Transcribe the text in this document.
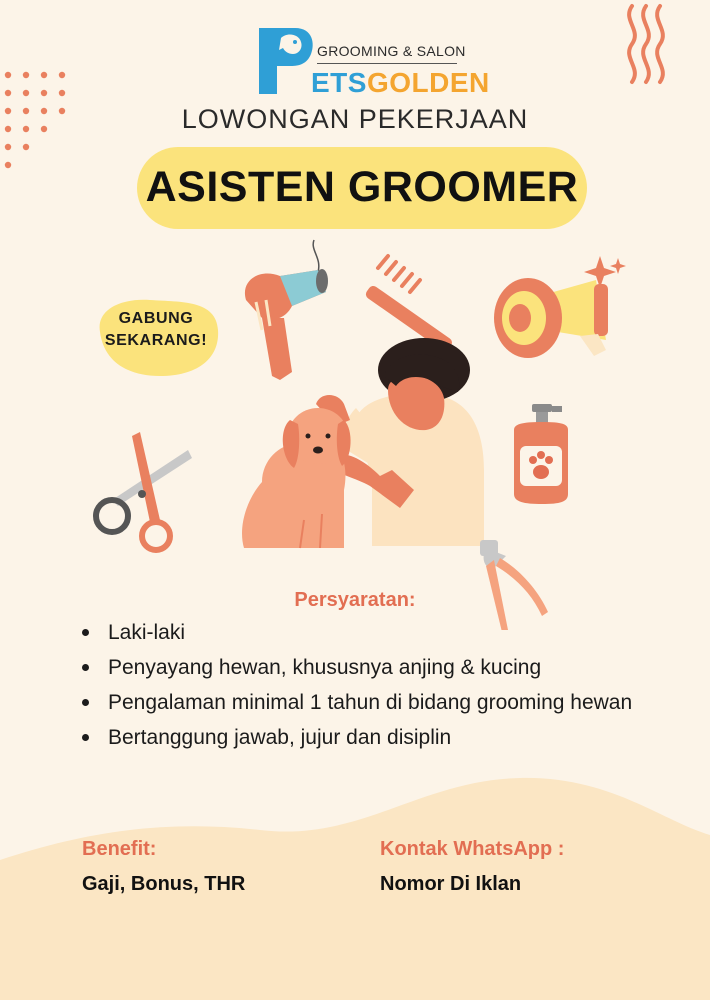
GROOMING & SALON
ETSGOLDEN
LOWONGAN PEKERJAAN
ASISTEN GROOMER
GABUNG
SEKARANG!
Persyaratan:
Laki-laki
Penyayang hewan, khususnya anjing & kucing
Pengalaman minimal 1 tahun di bidang grooming hewan
Bertanggung jawab, jujur dan disiplin
Benefit:
Gaji, Bonus, THR
Kontak WhatsApp :
Nomor Di Iklan
